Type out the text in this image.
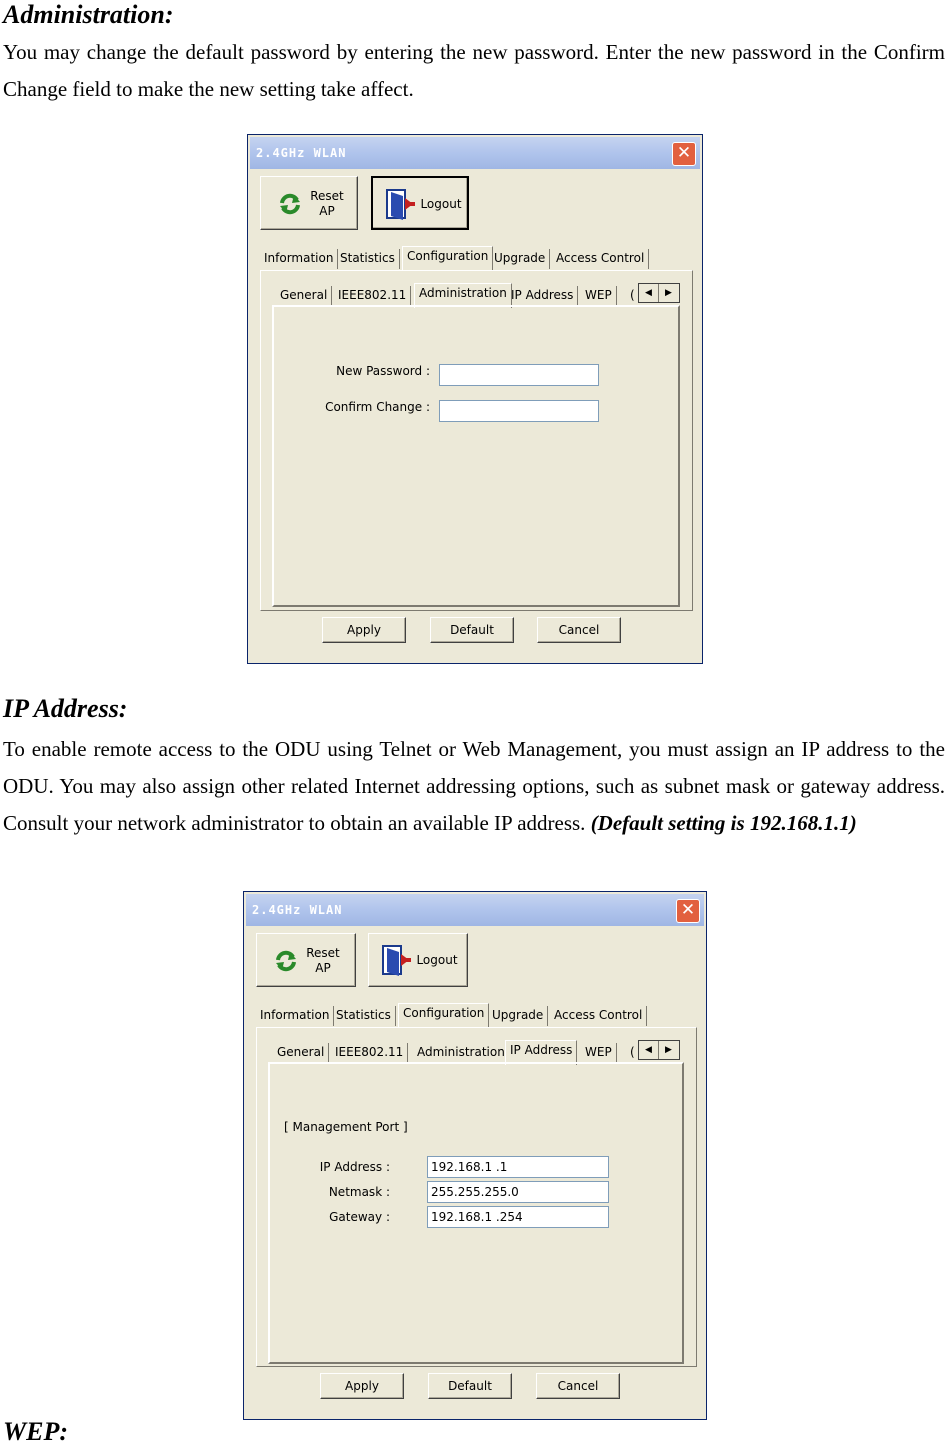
Administration:

You may change the default password by entering the new password. Enter the new password in the Confirm Change field to make the new setting take affect.

2.4GHz WLAN	✕
Reset
AP	Logout
Information Statistics	Configuration Upgrade Access Control
General IEEE802.11	Administration IP Address WEP	(	◀	▶
New Password :
Confirm Change :
Apply	Default	Cancel

IP Address:

To enable remote access to the ODU using Telnet or Web Management, you must assign an IP address to the ODU. You may also assign other related Internet addressing options, such as subnet mask or gateway address. Consult your network administrator to obtain an available IP address. (Default setting is 192.168.1.1)

2.4GHz WLAN	✕
Reset
AP
Logout
Information Statistics	Configuration Upgrade Access Control
General IEEE802.11	Administration IP Address	WEP	(	◀	▶
[ Management Port ]
IP Address :	192.168.1 .1
Netmask :	255.255.255.0
Gateway :	192.168.1 .254
Apply	Default	Cancel

WEP:
